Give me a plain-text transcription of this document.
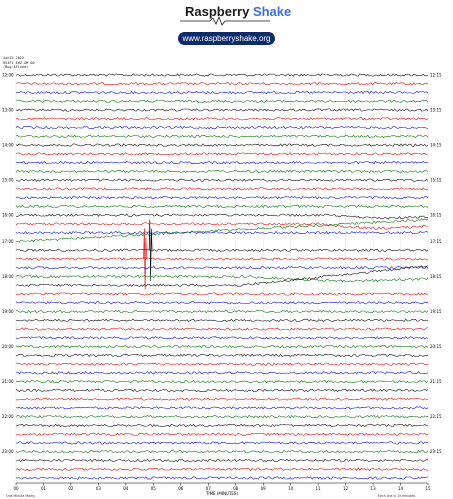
Raspberry Shake
www.raspberryshake.org
Jan25 2022
R53F1 EHZ AM 00
(Bug:$Fixed)
12:00	12:15
13:00	13:15
14:00	14:15
15:00	15:15
16:00	16:15
17:00	17:15
18:00	18:15
19:00	19:15
20:00	20:15
21:00	21:15
22:00	22:15
23:00	23:15
00	01	02	03	04	05	06	07	08	09	10	11	12	13	14	15
TIME (MINUTES)
One Minute Marks	Each line is 15 minutes
